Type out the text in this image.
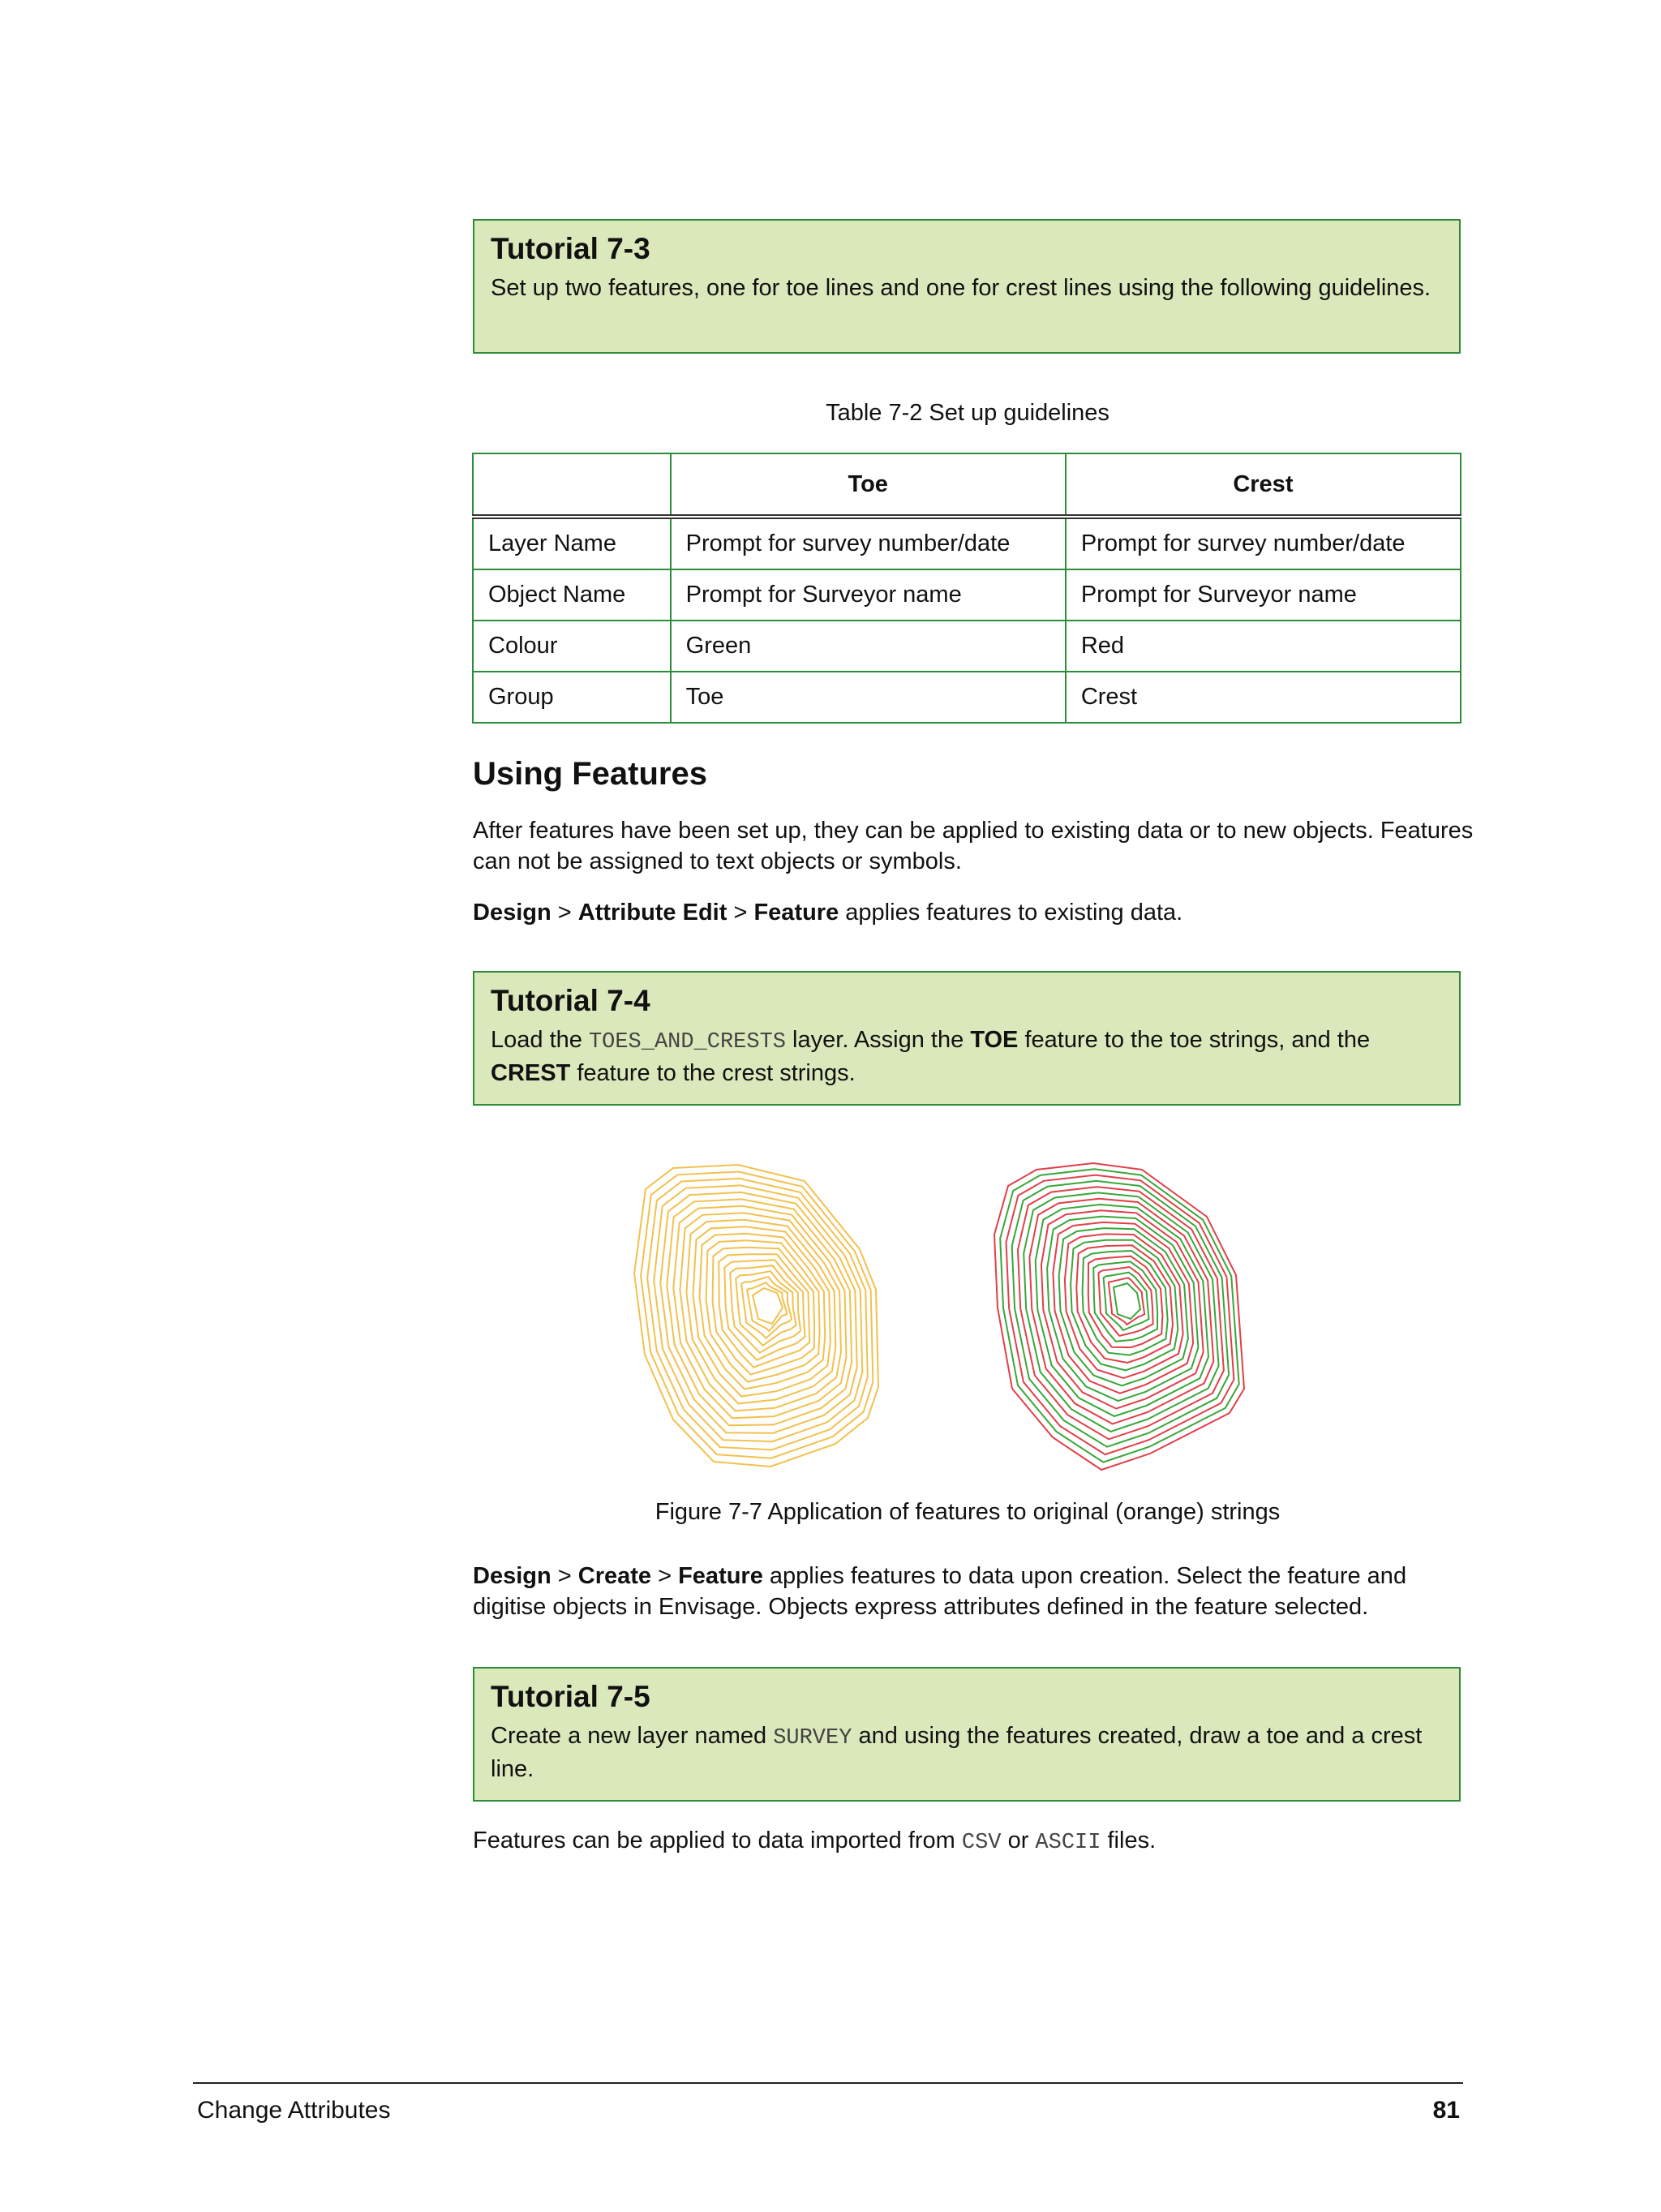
Tutorial 7-3

Set up two features, one for toe lines and one for crest lines using the following guidelines.

Table 7-2 Set up guidelines
	Toe	Crest
Layer Name	Prompt for survey number/date	Prompt for survey number/date
Object Name	Prompt for Surveyor name	Prompt for Surveyor name
Colour	Green	Red
Group	Toe	Crest
Using Features

After features have been set up, they can be applied to existing data or to new objects. Features can not be assigned to text objects or symbols.

Design > Attribute Edit > Feature applies features to existing data.

Tutorial 7-4

Load the TOES_AND_CRESTS layer. Assign the TOE feature to the toe strings, and the CREST feature to the crest strings.

Figure 7-7 Application of features to original (orange) strings

Design > Create > Feature applies features to data upon creation. Select the feature and digitise objects in Envisage. Objects express attributes defined in the feature selected.

Tutorial 7-5

Create a new layer named SURVEY and using the features created, draw a toe and a crest line.

Features can be applied to data imported from CSV or ASCII files.

Change Attributes	81
